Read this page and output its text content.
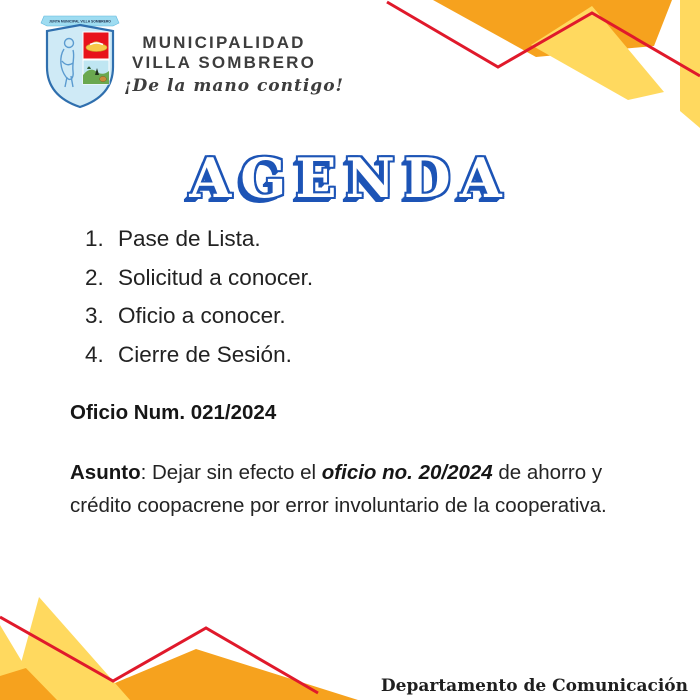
JUNTA MUNICIPAL VILLA SOMBRERO
MUNICIPALIDAD
VILLA SOMBRERO
¡De la mano contigo!
AGENDA
1. Pase de Lista.
2. Solicitud a conocer.
3. Oficio a conocer.
4. Cierre de Sesión.
Oficio Num. 021/2024
Asunto: Dejar sin efecto el oficio no. 20/2024 de ahorro y crédito coopacrene por error involuntario de la cooperativa.
Departamento de Comunicación
